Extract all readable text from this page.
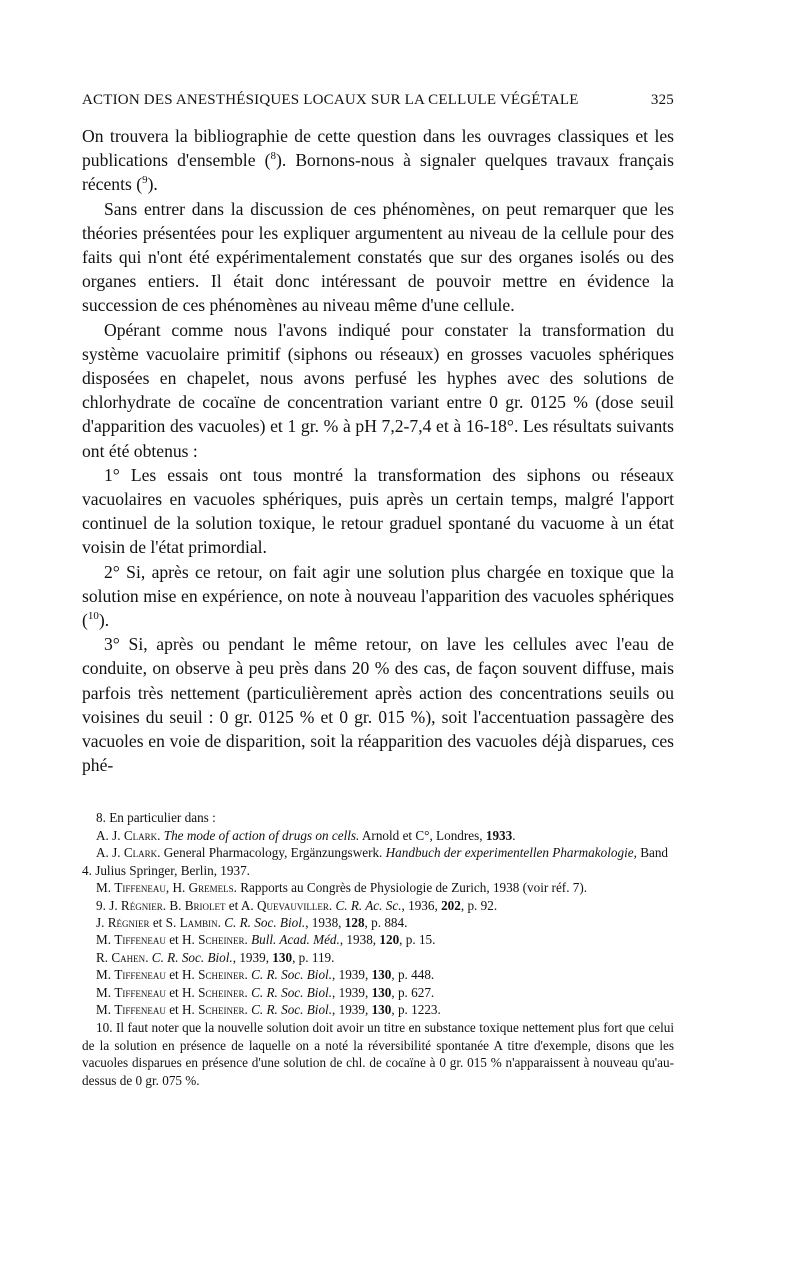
ACTION DES ANESTHÉSIQUES LOCAUX SUR LA CELLULE VÉGÉTALE	325

On trouvera la bibliographie de cette question dans les ouvrages classiques et les publications d'ensemble ($^8$). Bornons-nous à signaler quelques travaux français récents ($^9$).

Sans entrer dans la discussion de ces phénomènes, on peut remarquer que les théories présentées pour les expliquer argumentent au niveau de la cellule pour des faits qui n'ont été expérimentalement constatés que sur des organes isolés ou des organes entiers. Il était donc intéressant de pouvoir mettre en évidence la succession de ces phénomènes au niveau même d'une cellule.

Opérant comme nous l'avons indiqué pour constater la transformation du système vacuolaire primitif (siphons ou réseaux) en grosses vacuoles sphériques disposées en chapelet, nous avons perfusé les hyphes avec des solutions de chlorhydrate de cocaïne de concentration variant entre 0 gr. 0125 % (dose seuil d'apparition des vacuoles) et 1 gr. % à pH 7,2-7,4 et à 16-18°. Les résultats suivants ont été obtenus :

1° Les essais ont tous montré la transformation des siphons ou réseaux vacuolaires en vacuoles sphériques, puis après un certain temps, malgré l'apport continuel de la solution toxique, le retour graduel spontané du vacuome à un état voisin de l'état primordial.

2° Si, après ce retour, on fait agir une solution plus chargée en toxique que la solution mise en expérience, on note à nouveau l'apparition des vacuoles sphériques ($^{10}$).

3° Si, après ou pendant le même retour, on lave les cellules avec l'eau de conduite, on observe à peu près dans 20 % des cas, de façon souvent diffuse, mais parfois très nettement (particulièrement après action des concentrations seuils ou voisines du seuil : 0 gr. 0125 % et 0 gr. 015 %), soit l'accentuation passagère des vacuoles en voie de disparition, soit la réapparition des vacuoles déjà disparues, ces phé-

8. En particulier dans :

A. J. Clark. The mode of action of drugs on cells. Arnold et C°, Londres, 1933.

A. J. Clark. General Pharmacology, Ergänzungswerk. Handbuch der experimentellen Pharmakologie, Band 4. Julius Springer, Berlin, 1937.

M. Tiffeneau, H. Gremels. Rapports au Congrès de Physiologie de Zurich, 1938 (voir réf. 7).

9. J. Régnier. B. Briolet et A. Quevauviller. C. R. Ac. Sc., 1936, 202, p. 92.

J. Régnier et S. Lambin. C. R. Soc. Biol., 1938, 128, p. 884.

M. Tiffeneau et H. Scheiner. Bull. Acad. Méd., 1938, 120, p. 15.

R. Cahen. C. R. Soc. Biol., 1939, 130, p. 119.

M. Tiffeneau et H. Scheiner. C. R. Soc. Biol., 1939, 130, p. 448.

M. Tiffeneau et H. Scheiner. C. R. Soc. Biol., 1939, 130, p. 627.

M. Tiffeneau et H. Scheiner. C. R. Soc. Biol., 1939, 130, p. 1223.

10. Il faut noter que la nouvelle solution doit avoir un titre en substance toxique nettement plus fort que celui de la solution en présence de laquelle on a noté la réversibilité spontanée A titre d'exemple, disons que les vacuoles disparues en présence d'une solution de chl. de cocaïne à 0 gr. 015 % n'apparaissent à nouveau qu'au-dessus de 0 gr. 075 %.
